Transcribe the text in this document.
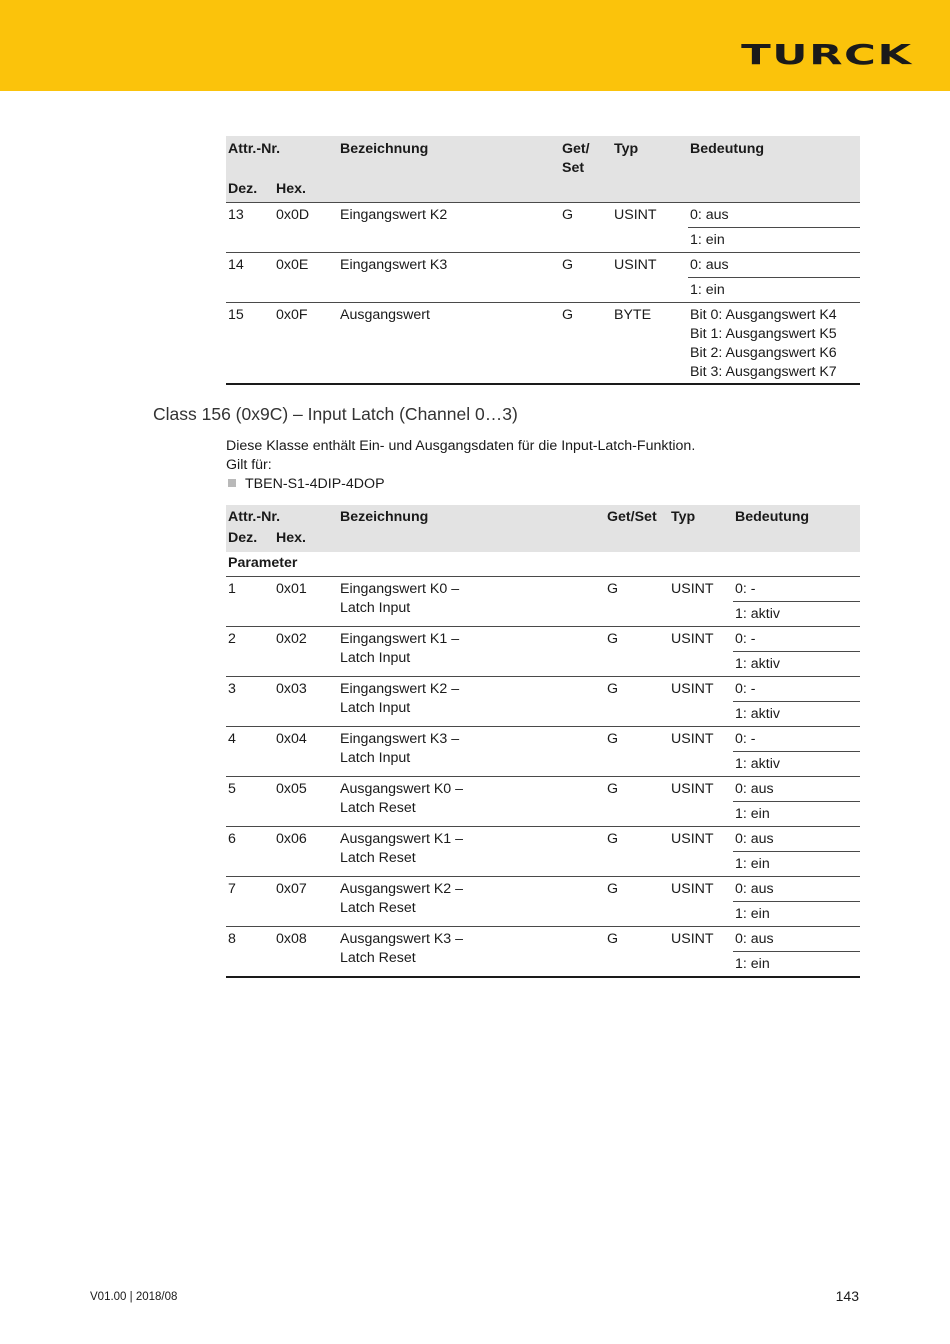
TURCK
Attr.-Nr.		Bezeichnung	Get/ Set	Typ	Bedeutung
Dez.	Hex.				
13	0x0D	Eingangswert K2	G	USINT	0: aus
					1: ein
14	0x0E	Eingangswert K3	G	USINT	0: aus
					1: ein
15	0x0F	Ausgangswert	G	BYTE	Bit 0: Ausgangswert K4
Bit 1: Ausgangswert K5
Bit 2: Ausgangswert K6
Bit 3: Ausgangswert K7
Class 156 (0x9C) – Input Latch (Channel 0…3)
Diese Klasse enthält Ein- und Ausgangsdaten für die Input-Latch-Funktion.
Gilt für:
TBEN-S1-4DIP-4DOP
Attr.-Nr.		Bezeichnung	Get/Set	Typ	Bedeutung
Dez.	Hex.				
Parameter					
1	0x01	Eingangswert K0 –
Latch Input	G	USINT	0: -
					1: aktiv
2	0x02	Eingangswert K1 –
Latch Input	G	USINT	0: -
					1: aktiv
3	0x03	Eingangswert K2 –
Latch Input	G	USINT	0: -
					1: aktiv
4	0x04	Eingangswert K3 –
Latch Input	G	USINT	0: -
					1: aktiv
5	0x05	Ausgangswert K0 –
Latch Reset	G	USINT	0: aus
					1: ein
6	0x06	Ausgangswert K1 –
Latch Reset	G	USINT	0: aus
					1: ein
7	0x07	Ausgangswert K2 –
Latch Reset	G	USINT	0: aus
					1: ein
8	0x08	Ausgangswert K3 –
Latch Reset	G	USINT	0: aus
					1: ein
V01.00 | 2018/08	143
